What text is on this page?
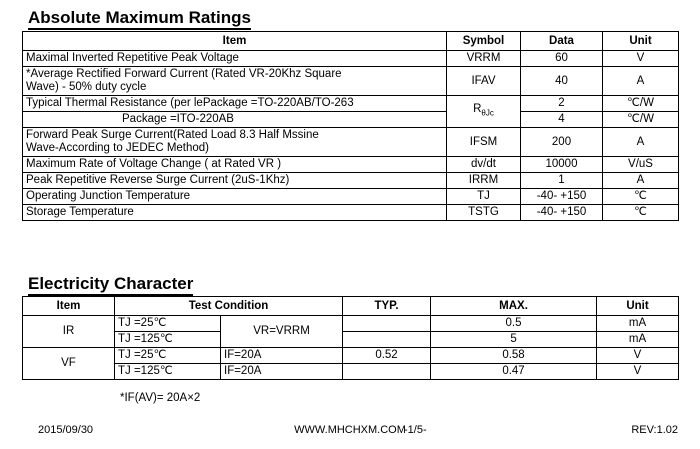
Absolute Maximum Ratings
Item	Symbol	Data	Unit
Maximal Inverted Repetitive Peak Voltage	VRRM	60	V

*Average Rectified Forward Current (Rated VR-20Khz Square
Wave) - 50% duty cycle	IFAV	40	A
Typical Thermal Resistance (per lePackage =TO-220AB/TO-263	$R_{\theta Jc}$	2	℃/W
Package =ITO-220AB		4	℃/W

Forward Peak Surge Current(Rated Load 8.3 Half Mssine
Wave-According to JEDEC Method)	IFSM	200	A
Maximum Rate of Voltage Change ( at Rated VR )	dv/dt	10000	V/uS
Peak Repetitive Reverse Surge Current (2uS-1Khz)	IRRM	1	A
Operating Junction Temperature	TJ	-40- +150	℃
Storage Temperature	TSTG	-40- +150	℃
Electricity Character
Item	Test Condition		TYP.	MAX.	Unit
IR	TJ =25℃	VR=VRRM		0.5	mA
	TJ =125℃			5	mA
VF	TJ =25℃	IF=20A	0.52	0.58	V
	TJ =125℃	IF=20A		0.47	V
*IF(AV)= 20A×2
2015/09/30	WWW.MHCHXM.COM
-1/5-	REV:1.02
